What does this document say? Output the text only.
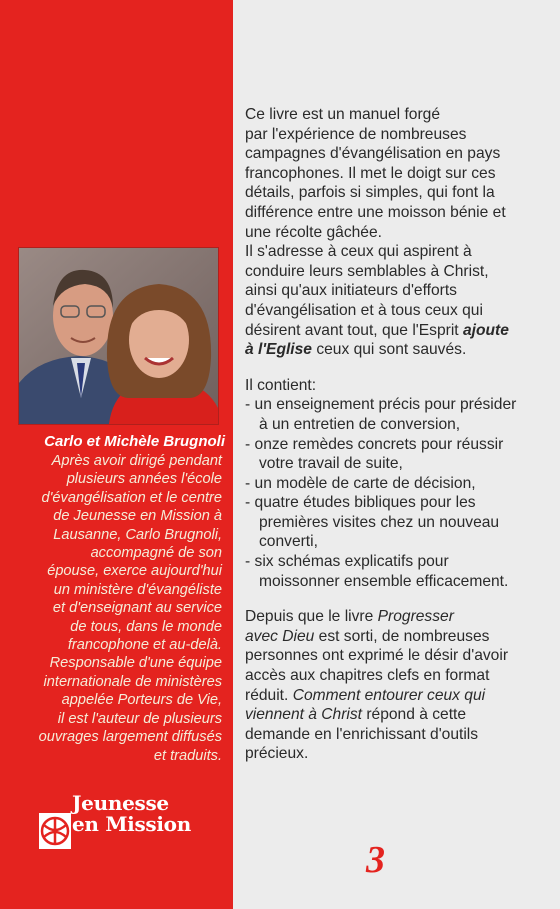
Carlo et Michèle Brugnoli
Après avoir dirigé pendant
plusieurs années l'école
d'évangélisation et le centre
de Jeunesse en Mission à
Lausanne, Carlo Brugnoli,
accompagné de son
épouse, exerce aujourd'hui
un ministère d'évangéliste
et d'enseignant au service
de tous, dans le monde
francophone et au-delà.
Responsable d'une équipe
internationale de ministères
appelée Porteurs de Vie,
il est l'auteur de plusieurs
ouvrages largement diffusés
et traduits.
Jeunesse
en Mission

Ce livre est un manuel forgé
par l'expérience de nombreuses
campagnes d'évangélisation en pays
francophones. Il met le doigt sur ces
détails, parfois si simples, qui font la
différence entre une moisson bénie et
une récolte gâchée.

Il s'adresse à ceux qui aspirent à
conduire leurs semblables à Christ,
ainsi qu'aux initiateurs d'efforts
d'évangélisation et à tous ceux qui
désirent avant tout, que l'Esprit ajoute
à l'Eglise ceux qui sont sauvés.

Il contient:

- un enseignement précis pour présider
à un entretien de conversion,
- onze remèdes concrets pour réussir
votre travail de suite,
- un modèle de carte de décision,
- quatre études bibliques pour les
premières visites chez un nouveau
converti,
- six schémas explicatifs pour
moissonner ensemble efficacement.

Depuis que le livre Progresser
avec Dieu est sorti, de nombreuses
personnes ont exprimé le désir d'avoir
accès aux chapitres clefs en format
réduit. Comment entourer ceux qui
viennent à Christ répond à cette
demande en l'enrichissant d'outils
précieux.

3
